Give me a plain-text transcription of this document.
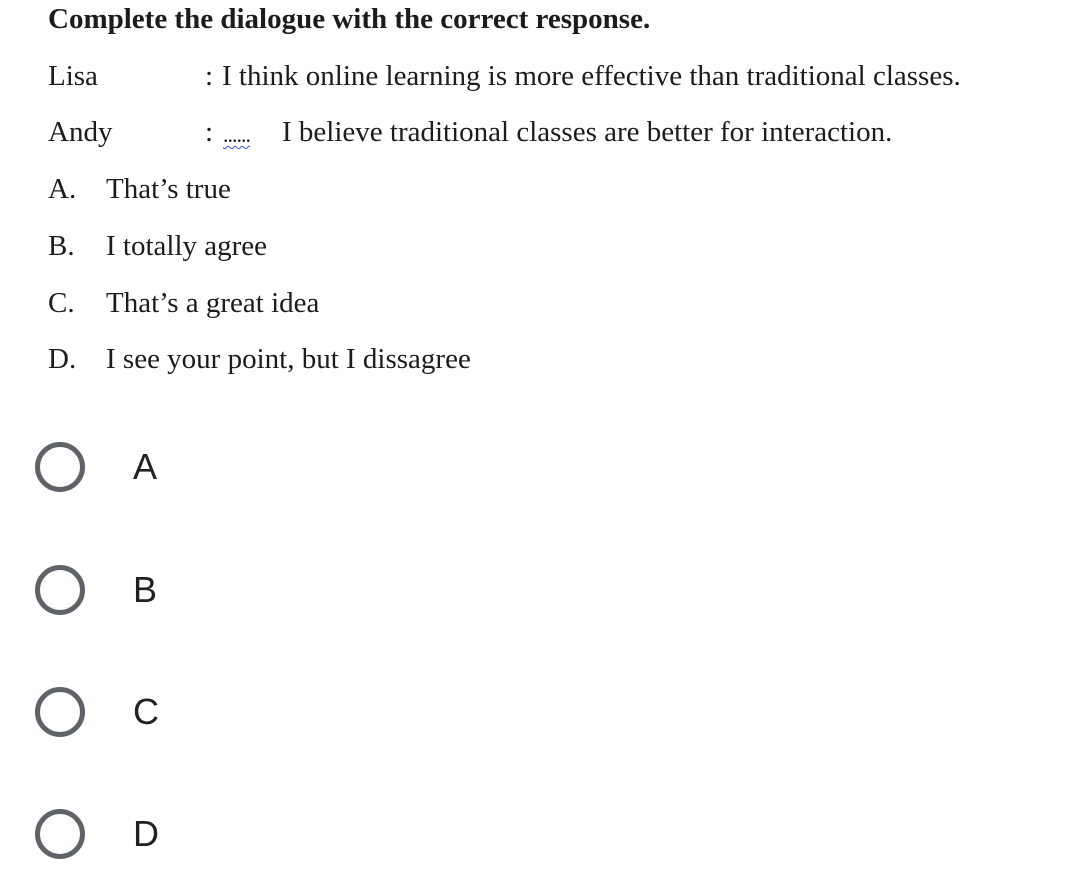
Complete the dialogue with the correct response.
Lisa	: I think online learning is more effective than traditional classes.
Andy	: ...... I believe traditional classes are better for interaction.
A. That’s true
B. I totally agree
C. That’s a great idea
D. I see your point, but I dissagree
A
B
C
D
